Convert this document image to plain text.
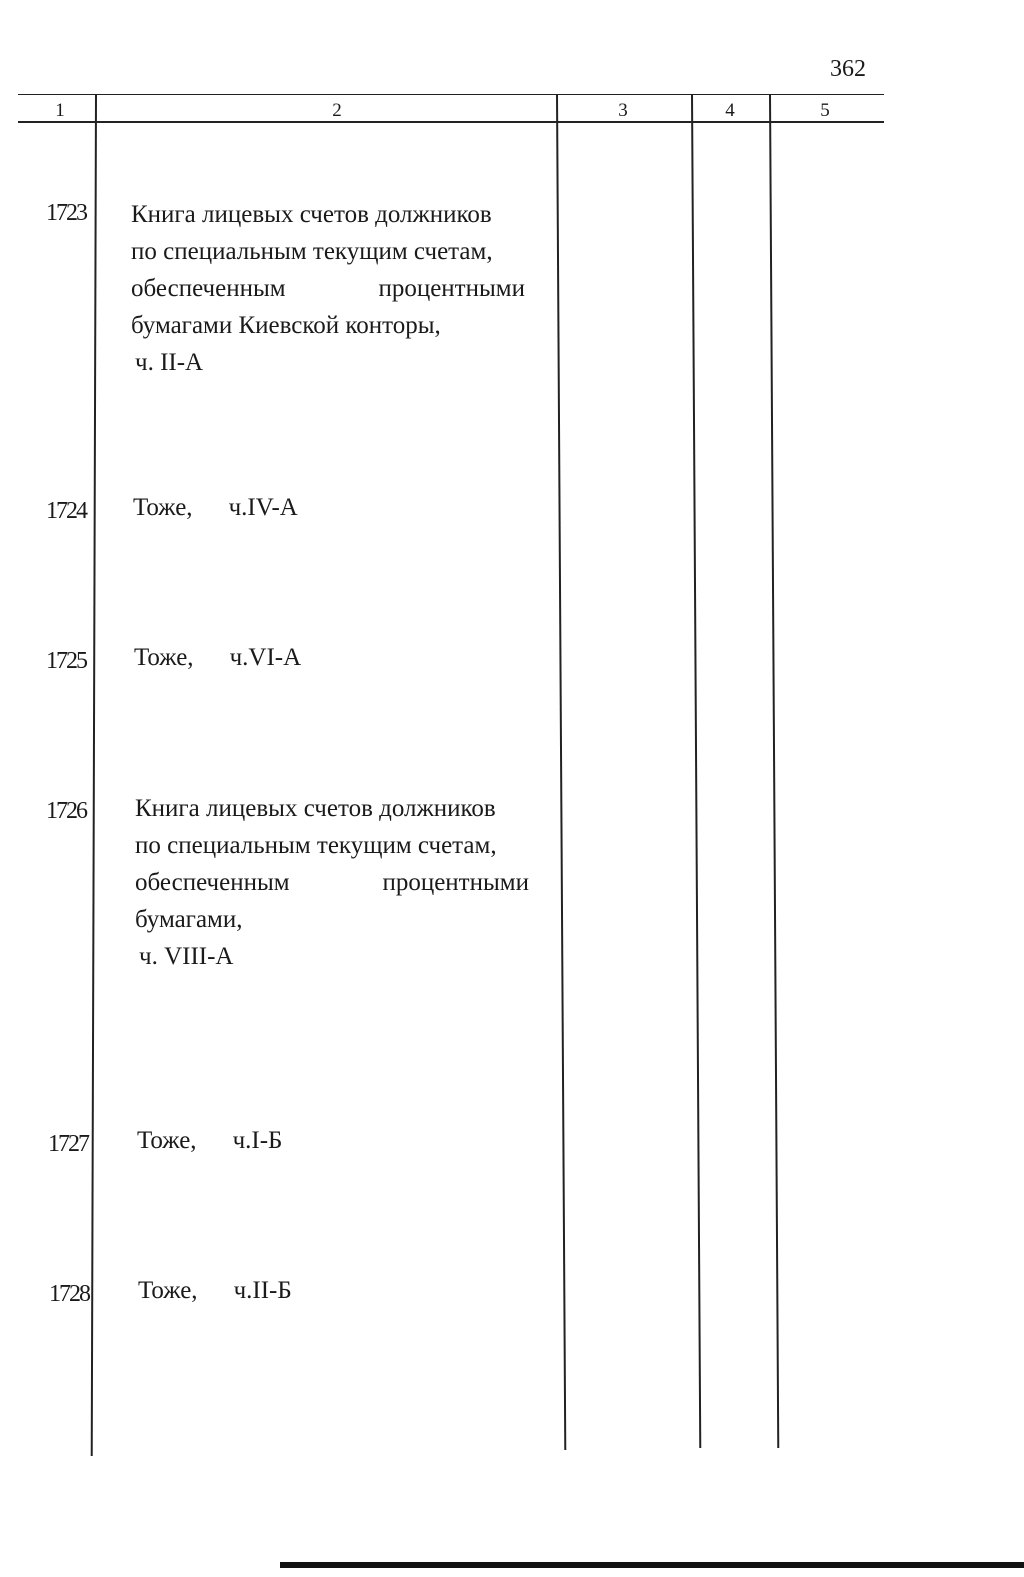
362
1	2	3	4	5
1723 Книга лицевых счетов должников
по специальным текущим счетам,
обеспеченным	процентными
бумагами Киевской конторы,
ч. II-А
1724 Тоже, ч.IV-А
1725 Тоже, ч.VI-А
1726 Книга лицевых счетов должников
по специальным текущим счетам,
обеспеченным	процентными
бумагами,
ч. VIII-А
1727 Тоже, ч.I-Б
1728 Тоже, ч.II-Б
